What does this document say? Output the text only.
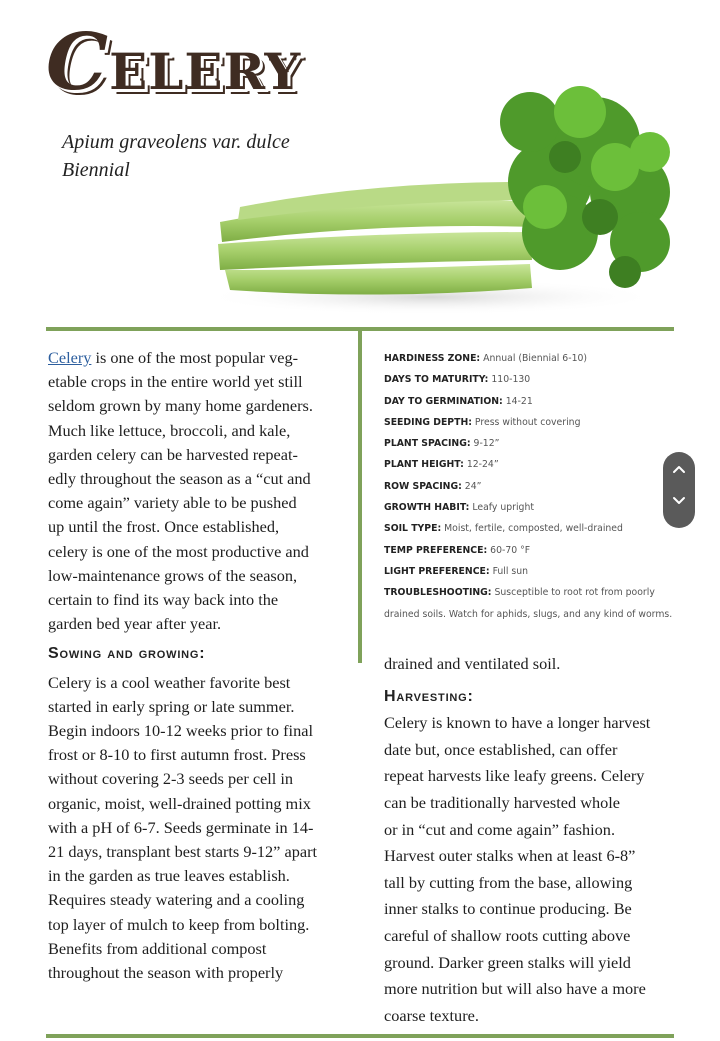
CELERY
Apium graveolens var. dulce
Biennial

Celery is one of the most popular veg-
etable crops in the entire world yet still
seldom grown by many home gardeners.
Much like lettuce, broccoli, and kale,
garden celery can be harvested repeat-
edly throughout the season as a “cut and
come again” variety able to be pushed
up until the frost. Once established,
celery is one of the most productive and
low-maintenance grows of the season,
certain to find its way back into the
garden bed year after year.

Sowing and growing:

Celery is a cool weather favorite best
started in early spring or late summer.
Begin indoors 10-12 weeks prior to final
frost or 8-10 to first autumn frost. Press
without covering 2-3 seeds per cell in
organic, moist, well-drained potting mix
with a pH of 6-7. Seeds germinate in 14-
21 days, transplant best starts 9-12” apart
in the garden as true leaves establish.
Requires steady watering and a cooling
top layer of mulch to keep from bolting.
Benefits from additional compost
throughout the season with properly

HARDINESS ZONE: Annual (Biennial 6-10)
DAYS TO MATURITY: 110-130
DAY TO GERMINATION: 14-21
SEEDING DEPTH: Press without covering
PLANT SPACING: 9-12”
PLANT HEIGHT: 12-24”
ROW SPACING: 24”
GROWTH HABIT: Leafy upright
SOIL TYPE: Moist, fertile, composted, well-drained
TEMP PREFERENCE: 60-70 °F
LIGHT PREFERENCE: Full sun
TROUBLESHOOTING: Susceptible to root rot from poorly
drained soils. Watch for aphids, slugs, and any kind of worms.

drained and ventilated soil.

Harvesting:

Celery is known to have a longer harvest
date but, once established, can offer
repeat harvests like leafy greens. Celery
can be traditionally harvested whole
or in “cut and come again” fashion.
Harvest outer stalks when at least 6-8”
tall by cutting from the base, allowing
inner stalks to continue producing. Be
careful of shallow roots cutting above
ground. Darker green stalks will yield
more nutrition but will also have a more
coarse texture.
